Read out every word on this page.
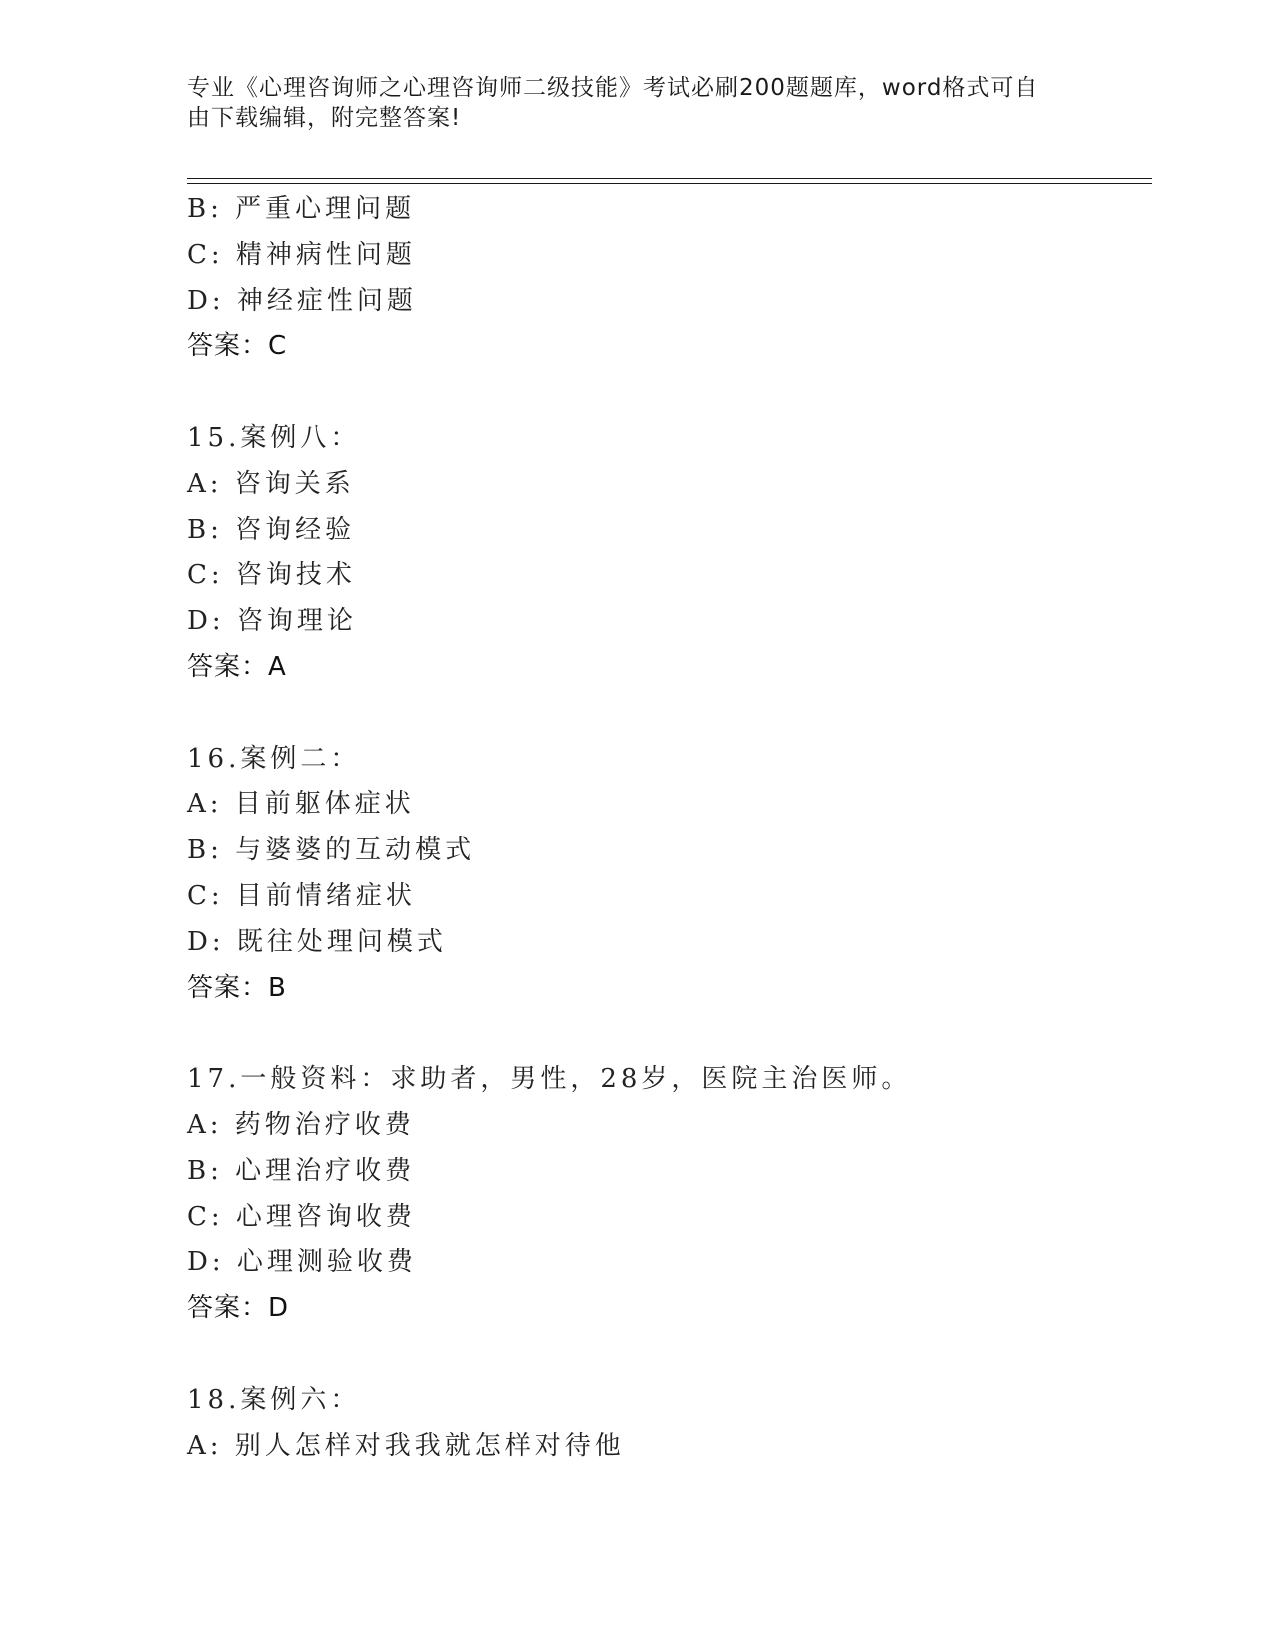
专业《心理咨询师之心理咨询师二级技能》考试必刷200题题库，word格式可自
由下载编辑，附完整答案!
B: 严重心理问题
C: 精神病性问题
D: 神经症性问题
答案：C
15.案例八：
A: 咨询关系
B: 咨询经验
C: 咨询技术
D: 咨询理论
答案：A
16.案例二：
A: 目前躯体症状
B: 与婆婆的互动模式
C: 目前情绪症状
D: 既往处理问模式
答案：B
17.一般资料：求助者，男性，28岁，医院主治医师。
A: 药物治疗收费
B: 心理治疗收费
C: 心理咨询收费
D: 心理测验收费
答案：D
18.案例六：
A: 别人怎样对我我就怎样对待他
